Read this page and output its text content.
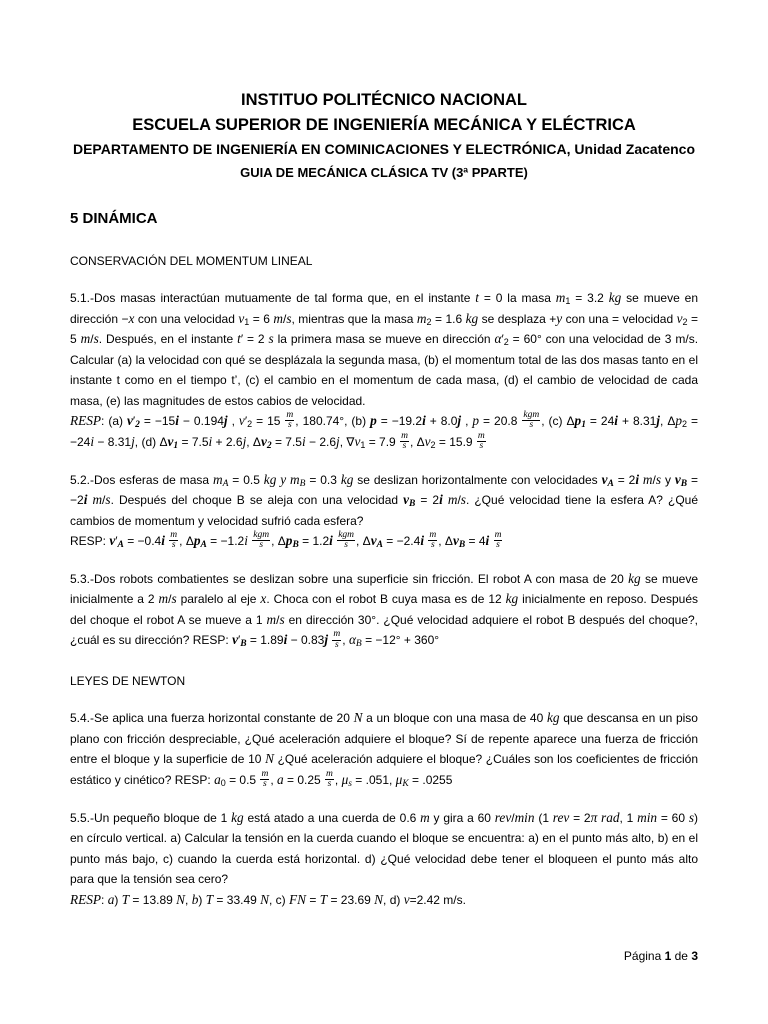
INSTITUO POLITÉCNICO NACIONAL
ESCUELA SUPERIOR DE INGENIERÍA MECÁNICA Y ELÉCTRICA
DEPARTAMENTO DE INGENIERÍA EN COMINICACIONES Y ELECTRÓNICA, Unidad Zacatenco
GUIA DE MECÁNICA CLÁSICA TV (3ª PPARTE)
5 DINÁMICA
CONSERVACIÓN DEL MOMENTUM LINEAL

5.1.-Dos masas interactúan mutuamente de tal forma que, en el instante t = 0 la masa m1 = 3.2 kg se mueve en dirección −x con una velocidad v1 = 6 m/s, mientras que la masa m2 = 1.6 kg se desplaza +y con una = velocidad v2 = 5 m/s. Después, en el instante t′ = 2 s la primera masa se mueve en dirección α′2 = 60° con una velocidad de 3 m/s. Calcular (a) la velocidad con qué se desplázala la segunda masa, (b) el momentum total de las dos masas tanto en el instante t como en el tiempo t’, (c) el cambio en el momentum de cada masa, (d) el cambio de velocidad de cada masa, (e) las magnitudes de estos cabios de velocidad.

RESP: (a) v′2 = −15i − 0.194j , $v'2 = 15 \frac{m}{s}$ , 180.74°, (b) p = −19.2i + 8.0j , $p = 20.8 \frac{\text{kgm}}{s}$ , (c) Δp1 = 24i + 8.31j, Δp2 = −24i − 8.31j, (d) Δv1 = 7.5i + 2.6j, Δv2 = 7.5i − 2.6j, $\nabla v1 = 7.9 \frac{m}{s}$ , $\Delta v2 = 15.9 \frac{m}{s}$

5.2.-Dos esferas de masa mA = 0.5 kg y mB = 0.3 kg se deslizan horizontalmente con velocidades vA = 2i m/s y vB = −2i m/s. Después del choque B se aleja con una velocidad vB = 2i m/s. ¿Qué velocidad tiene la esfera A? ¿Qué cambios de momentum y velocidad sufrió cada esfera?

RESP: $v'A = -0.4i \frac{m}{s}$ , $\Delta pA = -1.2i \frac{\text{kgm}}{s}$ , $\Delta pB = 1.2i \frac{\text{kgm}}{s}$ , $\Delta vA = -2.4i \frac{m}{s}$ , $\Delta vB = 4i \frac{m}{s}$

5.3.-Dos robots combatientes se deslizan sobre una superficie sin fricción. El robot A con masa de 20 kg se mueve inicialmente a 2 m/s paralelo al eje x. Choca con el robot B cuya masa es de 12 kg inicialmente en reposo. Después del choque el robot A se mueve a 1 m/s en dirección 30°. ¿Qué velocidad adquiere el robot B después del choque?, ¿cuál es su dirección? RESP: $v'B = 1.89i - 0.83j \frac{m}{s}$ , αB = −12° + 360°

LEYES DE NEWTON

5.4.-Se aplica una fuerza horizontal constante de 20 N a un bloque con una masa de 40 kg que descansa en un piso plano con fricción despreciable, ¿Qué aceleración adquiere el bloque? Sí de repente aparece una fuerza de fricción entre el bloque y la superficie de 10 N ¿Qué aceleración adquiere el bloque? ¿Cuáles son los coeficientes de fricción estático y cinético? RESP: $a0 = 0.5 \frac{m}{s}$ , $a = 0.25 \frac{m}{s}$ , μs = .051, μK = .0255

5.5.-Un pequeño bloque de 1 kg está atado a una cuerda de 0.6 m y gira a 60 rev/min (1 rev = 2π rad, 1 min = 60 s) en círculo vertical. a) Calcular la tensión en la cuerda cuando el bloque se encuentra: a) en el punto más alto, b) en el punto más bajo, c) cuando la cuerda está horizontal. d) ¿Qué velocidad debe tener el bloqueen el punto más alto para que la tensión sea cero?

RESP: a) T = 13.89 N, b) T = 33.49 N, c) FN = T = 23.69 N, d) v=2.42 m/s.

Página 1 de 3
